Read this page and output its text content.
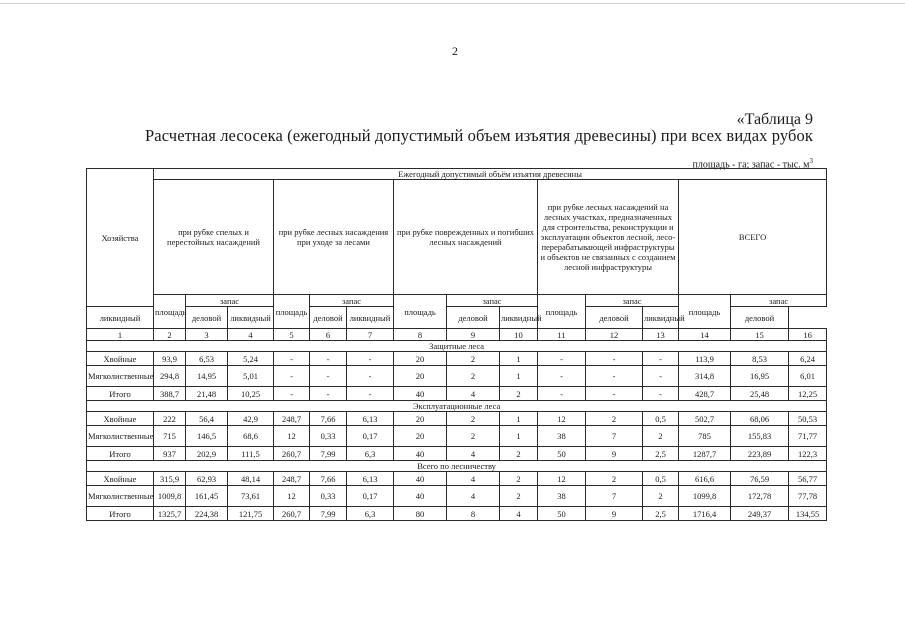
2
«Таблица 9
Расчетная лесосека (ежегодный допустимый объем изъятия древесины) при всех видах рубок
площадь - га; запас - тыс. $м^3$
Хозяйства	Ежегодный допустимый объём изъятия древесины														
	при рубке спелых и перестойных насаждений			при рубке лесных насаждения при уходе за лесами			при рубке поврежденных и погибших лесных насаждений			при рубке лесных насаждений на лесных участках, предназначенных для строительства, реконструкции и эксплуатации объектов лесной, лесо-перерабатывающей инфраструктуры и объектов не связанных с созданием лесной инфраструктуры			ВСЕГО		
	площадь	запас		площадь	запас		площадь	запас		площадь	запас		площадь	запас	
ликвидный		деловой	ликвидный		деловой	ликвидный		деловой	ликвидный		деловой	ликвидный		деловой	
1	2	3	4	5	6	7	8	9	10	11	12	13	14	15	16
Защитные леса															
Хвойные	93,9	6,53	5,24	-	-	-	20	2	1	-	-	-	113,9	8,53	6,24
Мягколиственные	294,8	14,95	5,01	-	-	-	20	2	1	-	-	-	314,8	16,95	6,01
Итого	388,7	21,48	10,25	-	-	-	40	4	2	-	-	-	428,7	25,48	12,25
Эксплуатационные леса															
Хвойные	222	56,4	42,9	248,7	7,66	6,13	20	2	1	12	2	0,5	502,7	68,06	50,53
Мягколиственные	715	146,5	68,6	12	0,33	0,17	20	2	1	38	7	2	785	155,83	71,77
Итого	937	202,9	111,5	260,7	7,99	6,3	40	4	2	50	9	2,5	1287,7	223,89	122,3
Всего по лесничеству															
Хвойные	315,9	62,93	48,14	248,7	7,66	6,13	40	4	2	12	2	0,5	616,6	76,59	56,77
Мягколиственные	1009,8	161,45	73,61	12	0,33	0,17	40	4	2	38	7	2	1099,8	172,78	77,78
Итого	1325,7	224,38	121,75	260,7	7,99	6,3	80	8	4	50	9	2,5	1716,4	249,37	134,55
